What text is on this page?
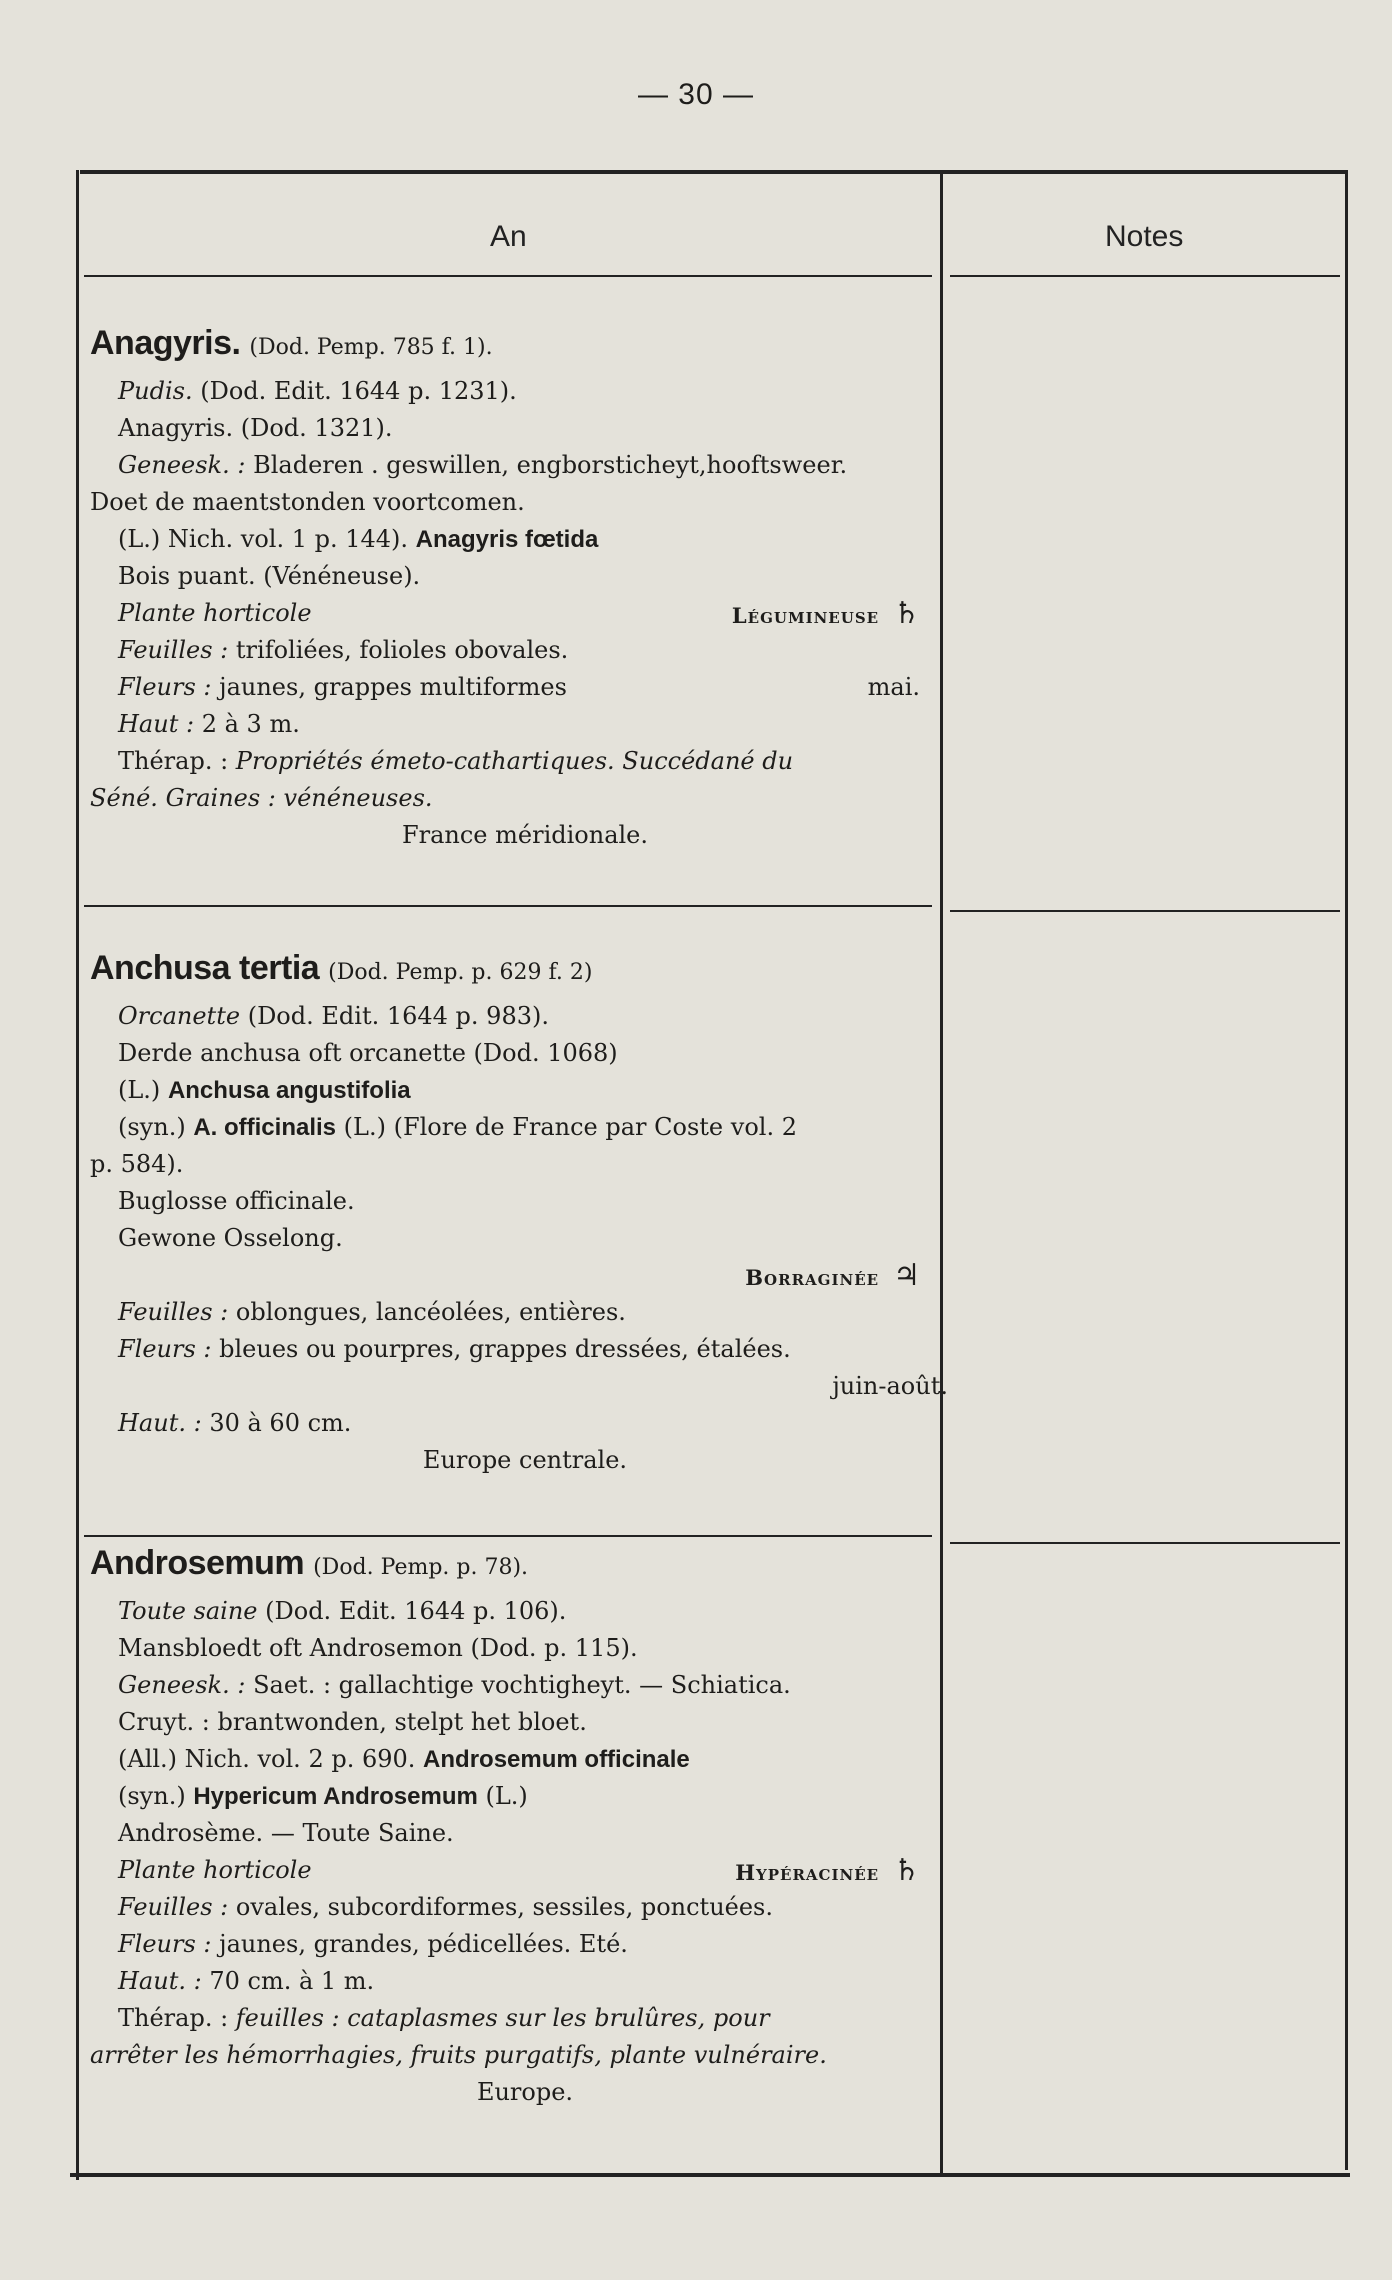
— 30 —
An	Notes
Anagyris. (Dod. Pemp. 785 f. 1).
Pudis. (Dod. Edit. 1644 p. 1231).
Anagyris. (Dod. 1321).
Geneesk. : Bladeren . geswillen, engborsticheyt,hooftsweer.
Doet de maentstonden voortcomen.
(L.) Nich. vol. 1 p. 144). Anagyris fœtida
Bois puant. (Vénéneuse).
Plante horticole	Légumineuse ♄
Feuilles : trifoliées, folioles obovales.
Fleurs : jaunes, grappes multiformes	mai.
Haut : 2 à 3 m.
Thérap. : Propriétés émeto-cathartiques. Succédané du
Séné. Graines : vénéneuses.
France méridionale.
Anchusa tertia (Dod. Pemp. p. 629 f. 2)
Orcanette (Dod. Edit. 1644 p. 983).
Derde anchusa oft orcanette (Dod. 1068)
(L.) Anchusa angustifolia
(syn.) A. officinalis (L.) (Flore de France par Coste vol. 2
p. 584).
Buglosse officinale.
Gewone Osselong.
Borraginée ♃
Feuilles : oblongues, lancéolées, entières.
Fleurs : bleues ou pourpres, grappes dressées, étalées.
juin-août.
Haut. : 30 à 60 cm.
Europe centrale.
Androsemum (Dod. Pemp. p. 78).
Toute saine (Dod. Edit. 1644 p. 106).
Mansbloedt oft Androsemon (Dod. p. 115).
Geneesk. : Saet. : gallachtige vochtigheyt. — Schiatica.
Cruyt. : brantwonden, stelpt het bloet.
(All.) Nich. vol. 2 p. 690. Androsemum officinale
(syn.) Hypericum Androsemum (L.)
Androsème. — Toute Saine.
Plante horticole	Hypéracinée ♄
Feuilles : ovales, subcordiformes, sessiles, ponctuées.
Fleurs : jaunes, grandes, pédicellées. Eté.
Haut. : 70 cm. à 1 m.
Thérap. : feuilles : cataplasmes sur les brulûres, pour
arrêter les hémorrhagies, fruits purgatifs, plante vulnéraire.
Europe.
